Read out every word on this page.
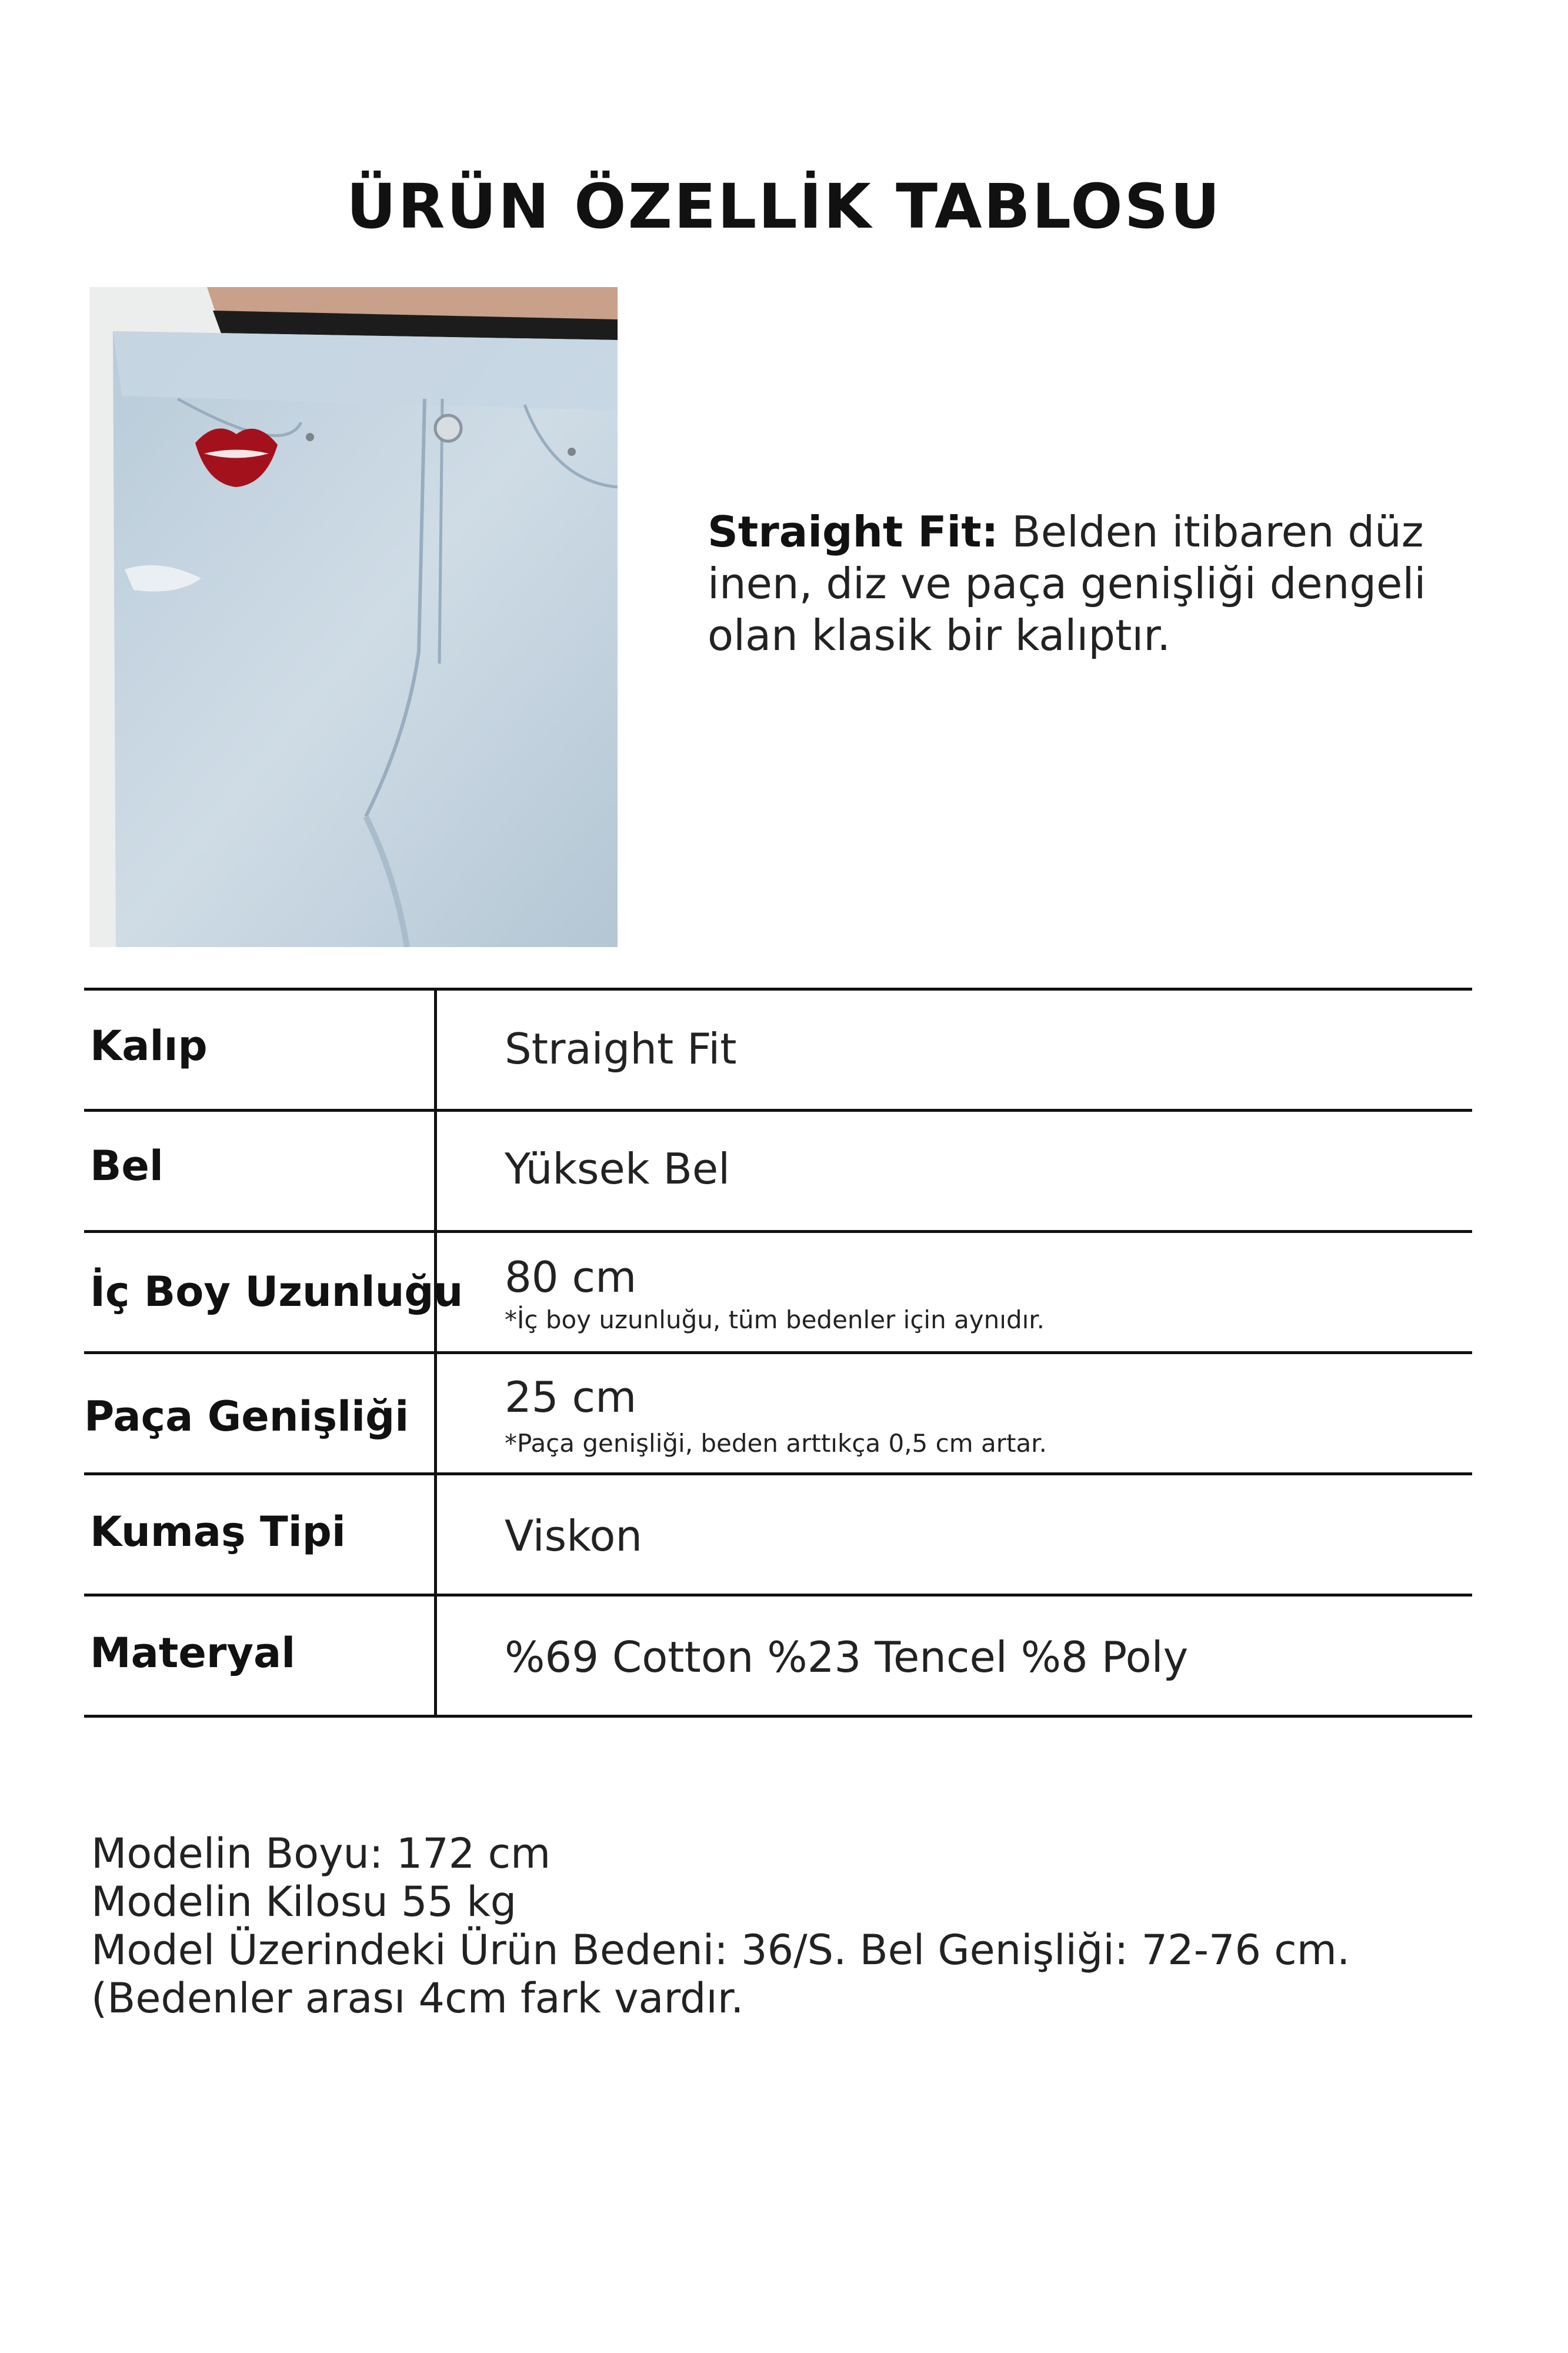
ÜRÜN ÖZELLİK TABLOSU
Straight Fit: Belden itibaren düz inen, diz ve paça genişliği dengeli olan klasik bir kalıptır.
Kalıp	Straight Fit
Bel	Yüksek Bel
İç Boy Uzunluğu 80 cm
*İç boy uzunluğu, tüm bedenler için aynıdır.
Paça Genişliği 25 cm
*Paça genişliği, beden arttıkça 0,5 cm artar.
Kumaş Tipi	Viskon
Materyal	%69 Cotton %23 Tencel %8 Poly
Modelin Boyu: 172 cm
Modelin Kilosu 55 kg
Model Üzerindeki Ürün Bedeni: 36/S. Bel Genişliği: 72-76 cm. (Bedenler arası 4cm fark vardır.
